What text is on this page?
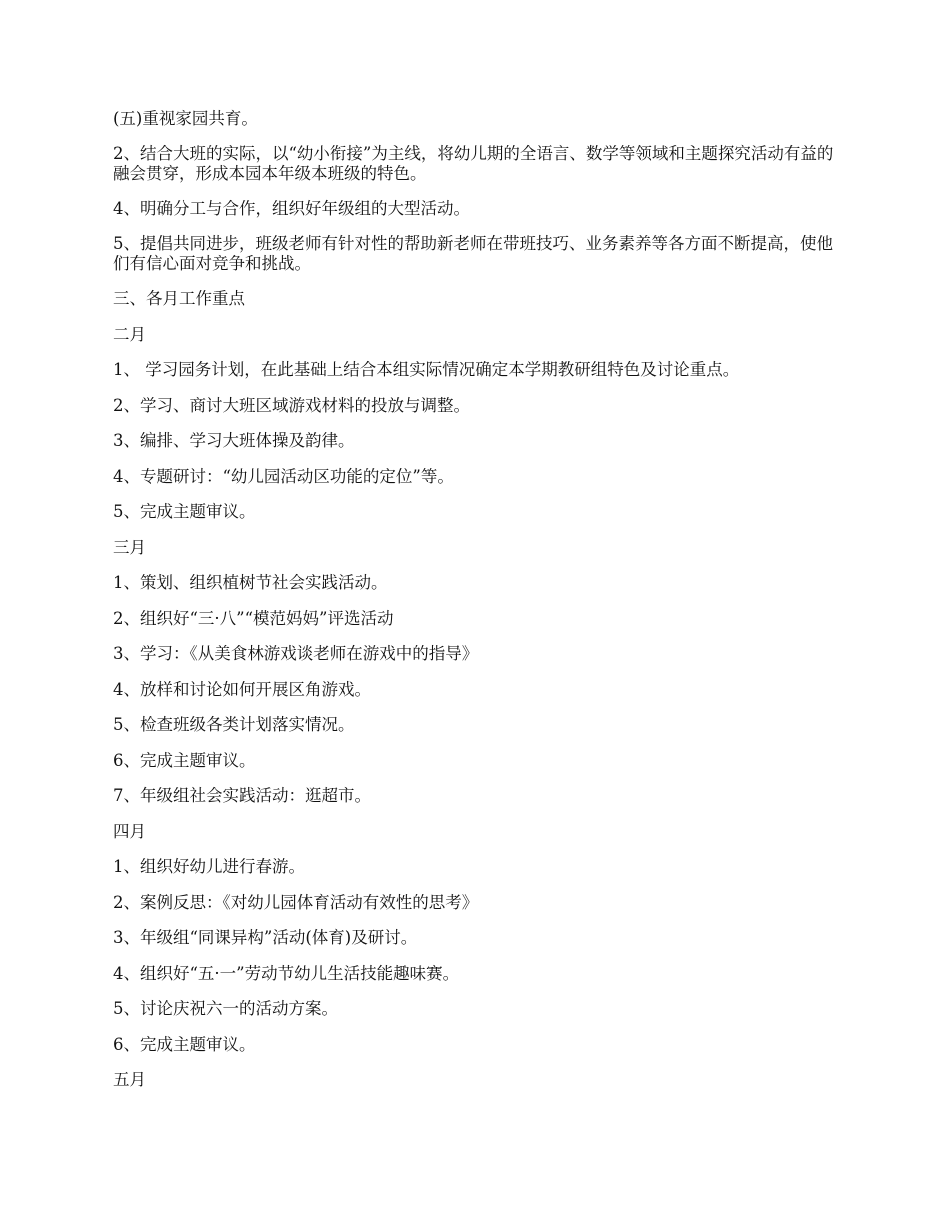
(五)重视家园共育。

2、结合大班的实际，以“幼小衔接”为主线，将幼儿期的全语言、数学等领域和主题探究活动有益的融会贯穿，形成本园本年级本班级的特色。

4、明确分工与合作，组织好年级组的大型活动。

5、提倡共同进步，班级老师有针对性的帮助新老师在带班技巧、业务素养等各方面不断提高，使他们有信心面对竞争和挑战。

三、各月工作重点

二月

1、 学习园务计划，在此基础上结合本组实际情况确定本学期教研组特色及讨论重点。

2、学习、商讨大班区域游戏材料的投放与调整。

3、编排、学习大班体操及韵律。

4、专题研讨：“幼儿园活动区功能的定位”等。

5、完成主题审议。

三月

1、策划、组织植树节社会实践活动。

2、组织好“三·八”“模范妈妈”评选活动

3、学习：《从美食林游戏谈老师在游戏中的指导》

4、放样和讨论如何开展区角游戏。

5、检查班级各类计划落实情况。

6、完成主题审议。

7、年级组社会实践活动：逛超市。

四月

1、组织好幼儿进行春游。

2、案例反思：《对幼儿园体育活动有效性的思考》

3、年级组“同课异构”活动(体育)及研讨。

4、组织好“五·一”劳动节幼儿生活技能趣味赛。

5、讨论庆祝六一的活动方案。

6、完成主题审议。

五月
